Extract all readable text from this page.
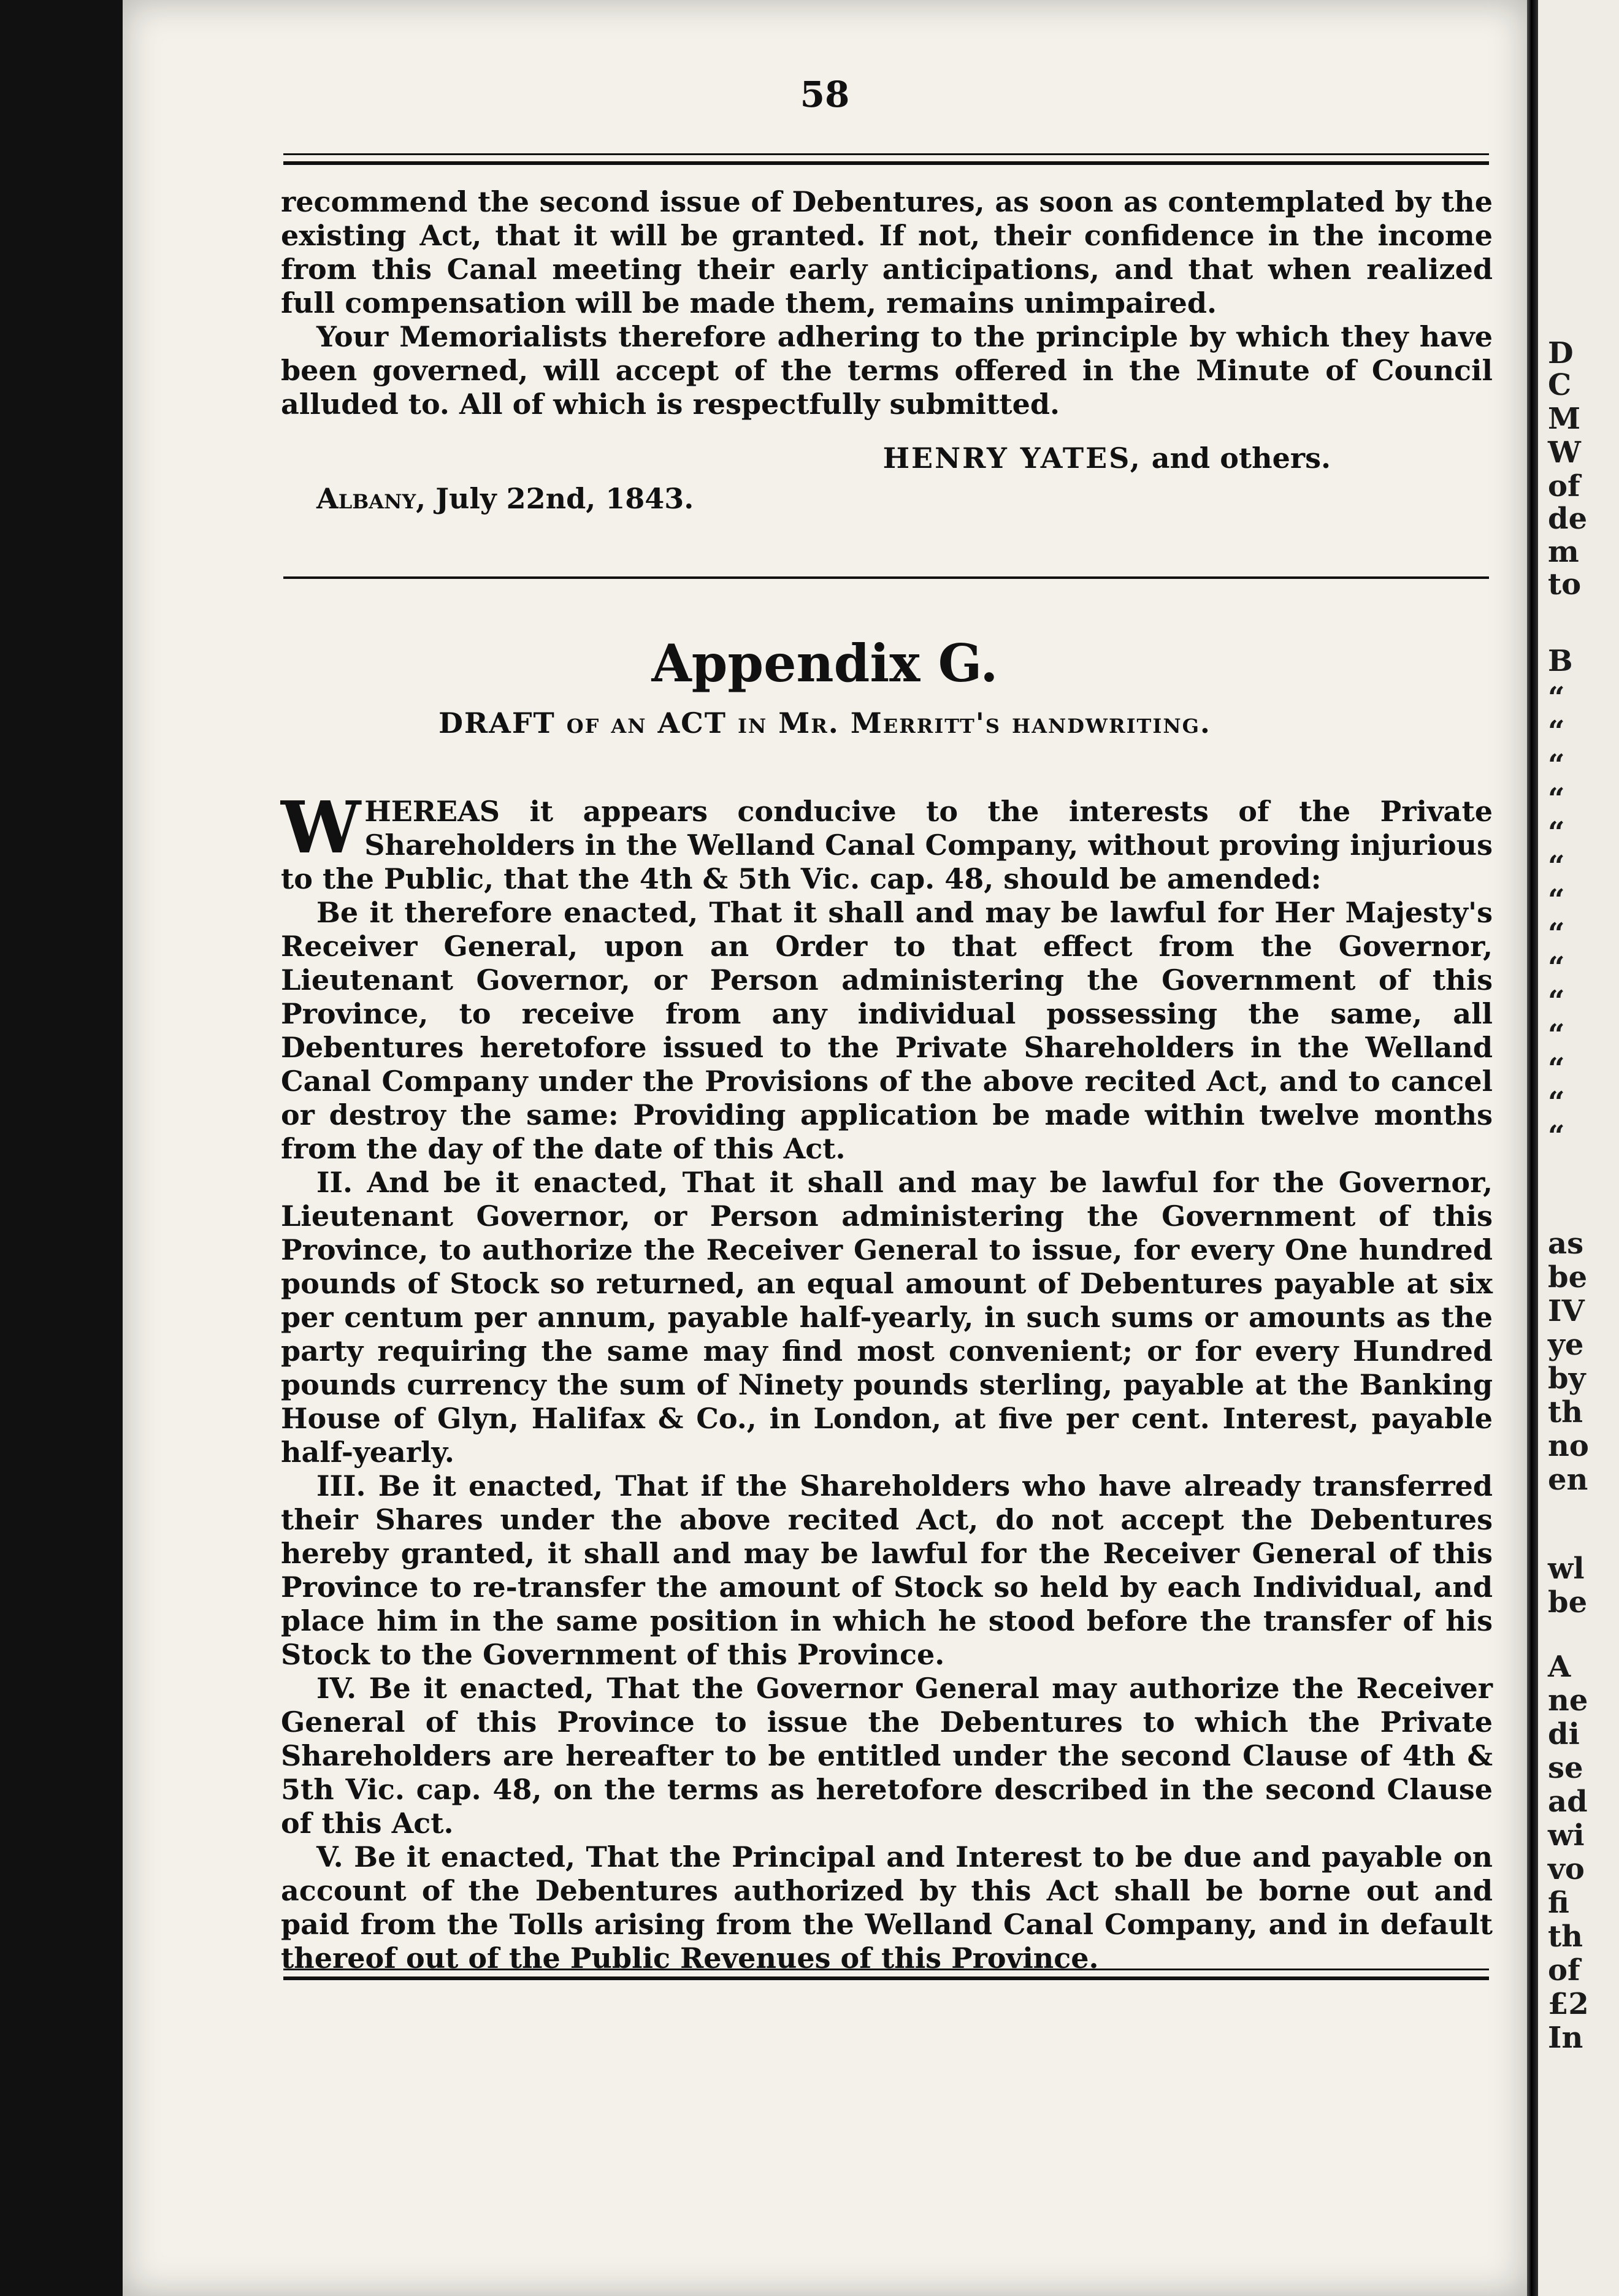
58

recommend the second issue of Debentures, as soon as contemplated by the existing Act, that it will be granted. If not, their confidence in the income from this Canal meeting their early anticipations, and that when realized full compensation will be made them, remains unimpaired.

Your Memorialists therefore adhering to the principle by which they have been governed, will accept of the terms offered in the Minute of Council alluded to. All of which is respectfully submitted.

HENRY YATES, and others.
Albany, July 22nd, 1843.
Appendix G.
DRAFT of an ACT in Mr. Merritt's handwriting.

W HEREAS it appears conducive to the interests of the Private Shareholders in the Welland Canal Company, without proving injurious to the Public, that the 4th & 5th Vic. cap. 48, should be amended:

Be it therefore enacted, That it shall and may be lawful for Her Majesty's Receiver General, upon an Order to that effect from the Governor, Lieutenant Governor, or Person administering the Government of this Province, to receive from any individual possessing the same, all Debentures heretofore issued to the Private Shareholders in the Welland Canal Company under the Provisions of the above recited Act, and to cancel or destroy the same: Providing application be made within twelve months from the day of the date of this Act.

II. And be it enacted, That it shall and may be lawful for the Governor, Lieutenant Governor, or Person administering the Government of this Province, to authorize the Receiver General to issue, for every One hundred pounds of Stock so returned, an equal amount of Debentures payable at six per centum per annum, payable half-yearly, in such sums or amounts as the party requiring the same may find most convenient; or for every Hundred pounds currency the sum of Ninety pounds sterling, payable at the Banking House of Glyn, Halifax & Co., in London, at five per cent. Interest, payable half-yearly.

III. Be it enacted, That if the Shareholders who have already transferred their Shares under the above recited Act, do not accept the Debentures hereby granted, it shall and may be lawful for the Receiver General of this Province to re-transfer the amount of Stock so held by each Individual, and place him in the same position in which he stood before the transfer of his Stock to the Government of this Province.

IV. Be it enacted, That the Governor General may authorize the Receiver General of this Province to issue the Debentures to which the Private Shareholders are hereafter to be entitled under the second Clause of 4th & 5th Vic. cap. 48, on the terms as heretofore described in the second Clause of this Act.

V. Be it enacted, That the Principal and Interest to be due and payable on account of the Debentures authorized by this Act shall be borne out and paid from the Tolls arising from the Welland Canal Company, and in default thereof out of the Public Revenues of this Province.

D
C
M
W
of
de
m
to
B
“
“
“
“
“
“
“
“
“
“
“
“
“
“
as
be
IV
ye
by
th
no
en
wl
be
A
ne
di
se
ad
wi
vo
fi
th
of
£2
In
